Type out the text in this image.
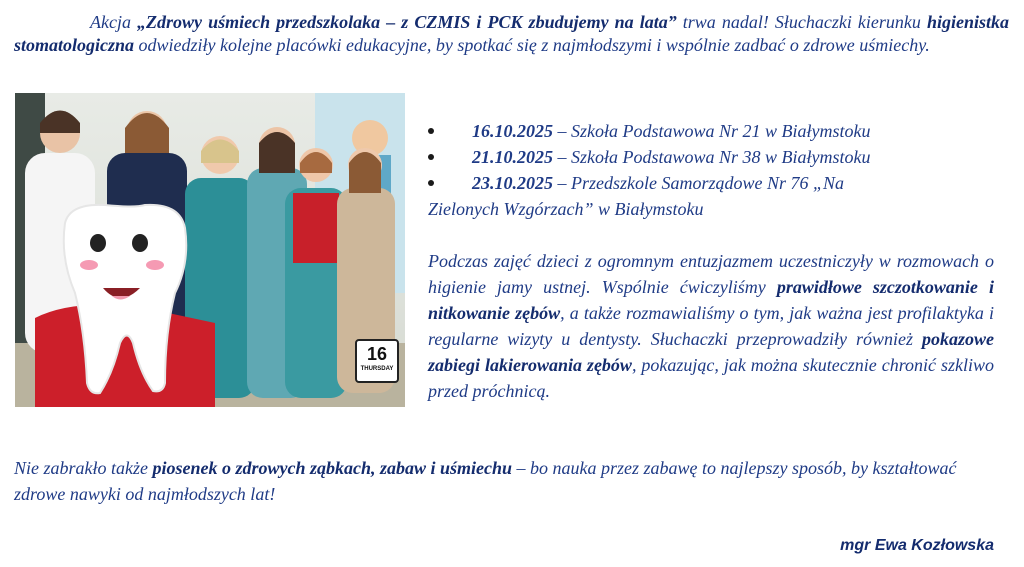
Akcja „Zdrowy uśmiech przedszkolaka – z CZMIS i PCK zbudujemy na lata” trwa nadal! Słuchaczki kierunku higienistka stomatologiczna odwiedziły kolejne placówki edukacyjne, by spotkać się z najmłodszymi i wspólnie zadbać o zdrowe uśmiechy.

16
THURSDAY
16.10.2025 – Szkoła Podstawowa Nr 21 w Białymstoku
21.10.2025 – Szkoła Podstawowa Nr 38 w Białymstoku
23.10.2025 – Przedszkole Samorządowe Nr 76 „Na
Zielonych Wzgórzach” w Białymstoku

Podczas zajęć dzieci z ogromnym entuzjazmem uczestniczyły w rozmowach o higienie jamy ustnej. Wspólnie ćwiczyliśmy prawidłowe szczotkowanie i nitkowanie zębów, a także rozmawialiśmy o tym, jak ważna jest profilaktyka i regularne wizyty u dentysty. Słuchaczki przeprowadziły również pokazowe zabiegi lakierowania zębów, pokazując, jak można skutecznie chronić szkliwo przed próchnicą.

Nie zabrakło także piosenek o zdrowych ząbkach, zabaw i uśmiechu – bo nauka przez zabawę to najlepszy sposób, by kształtować zdrowe nawyki od najmłodszych lat!

mgr Ewa Kozłowska
